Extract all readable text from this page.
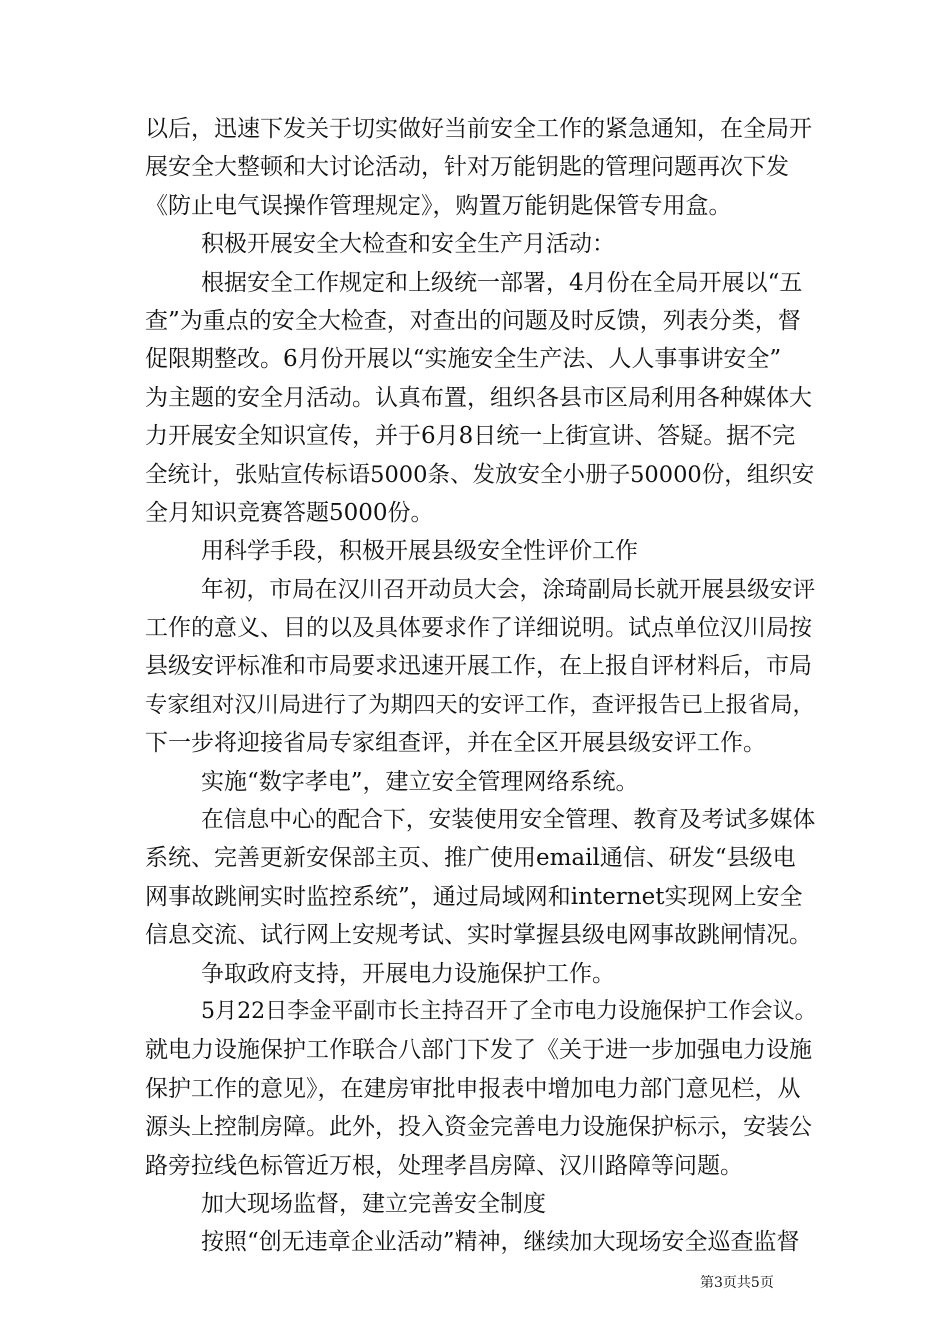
以后，迅速下发关于切实做好当前安全工作的紧急通知，在全局开
展安全大整顿和大讨论活动，针对万能钥匙的管理问题再次下发
《防止电气误操作管理规定》，购置万能钥匙保管专用盒。
积极开展安全大检查和安全生产月活动：
根据安全工作规定和上级统一部署，4月份在全局开展以“五
查”为重点的安全大检查，对查出的问题及时反馈，列表分类，督
促限期整改。6月份开展以“实施安全生产法、人人事事讲安全”
为主题的安全月活动。认真布置，组织各县市区局利用各种媒体大
力开展安全知识宣传，并于6月8日统一上街宣讲、答疑。据不完
全统计，张贴宣传标语5000条、发放安全小册子50000份，组织安
全月知识竞赛答题5000份。
用科学手段，积极开展县级安全性评价工作
年初，市局在汉川召开动员大会，涂琦副局长就开展县级安评
工作的意义、目的以及具体要求作了详细说明。试点单位汉川局按
县级安评标准和市局要求迅速开展工作，在上报自评材料后，市局
专家组对汉川局进行了为期四天的安评工作，查评报告已上报省局，
下一步将迎接省局专家组查评，并在全区开展县级安评工作。
实施“数字孝电”，建立安全管理网络系统。
在信息中心的配合下，安装使用安全管理、教育及考试多媒体
系统、完善更新安保部主页、推广使用email通信、研发“县级电
网事故跳闸实时监控系统”，通过局域网和internet实现网上安全
信息交流、试行网上安规考试、实时掌握县级电网事故跳闸情况。
争取政府支持，开展电力设施保护工作。
5月22日李金平副市长主持召开了全市电力设施保护工作会议。
就电力设施保护工作联合八部门下发了《关于进一步加强电力设施
保护工作的意见》，在建房审批申报表中增加电力部门意见栏，从
源头上控制房障。此外，投入资金完善电力设施保护标示，安装公
路旁拉线色标管近万根，处理孝昌房障、汉川路障等问题。
加大现场监督，建立完善安全制度
按照“创无违章企业活动”精神，继续加大现场安全巡查监督
第3页共5页
